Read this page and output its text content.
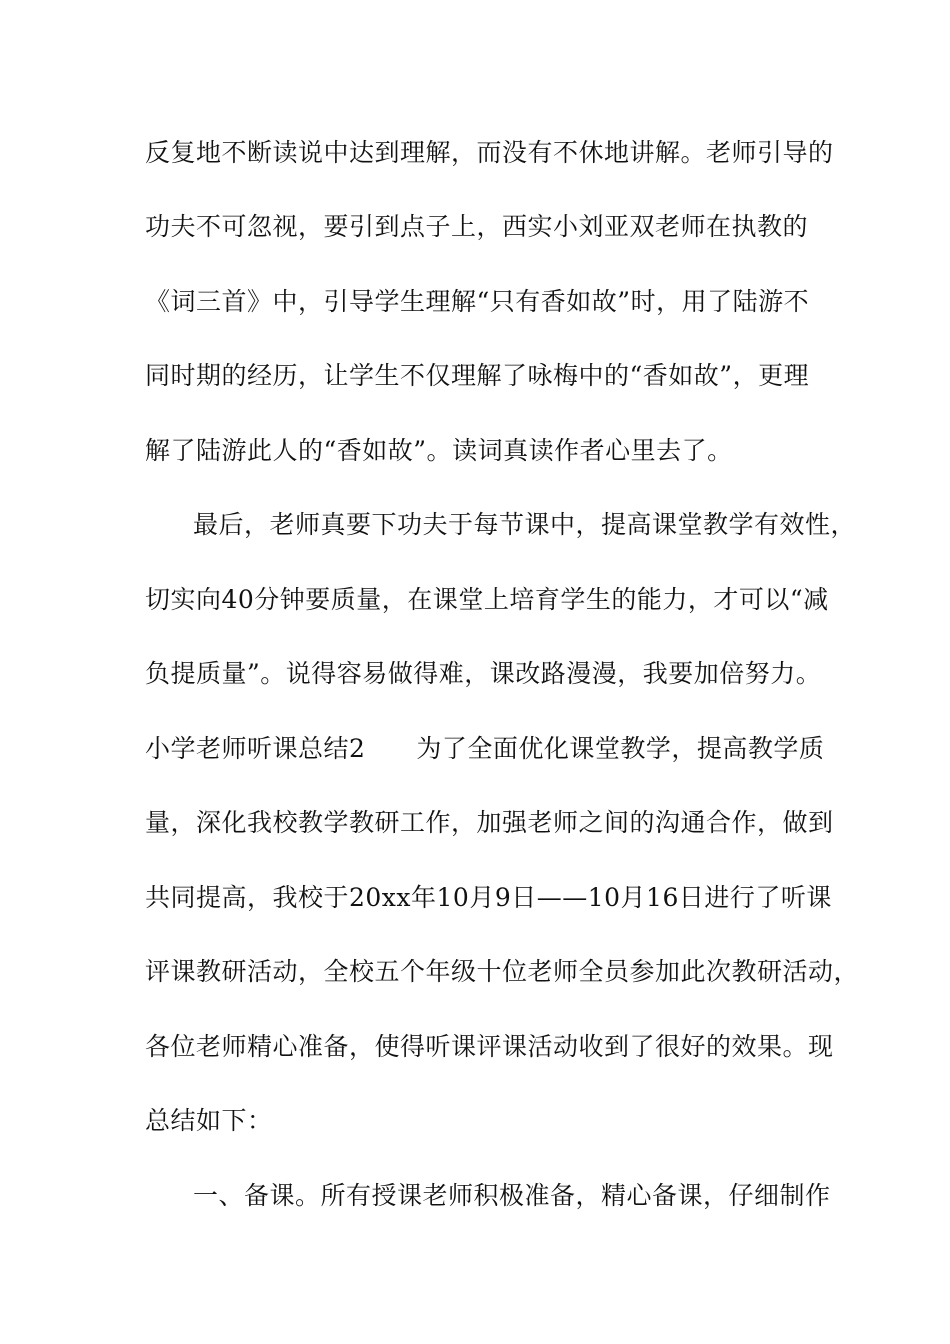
反复地不断读说中达到理解，而没有不休地讲解。老师引导的
功夫不可忽视，要引到点子上，西实小刘亚双老师在执教的
《词三首》中，引导学生理解“只有香如故”时，用了陆游不
同时期的经历，让学生不仅理解了咏梅中的“香如故”，更理
解了陆游此人的“香如故”。读词真读作者心里去了。
最后，老师真要下功夫于每节课中，提高课堂教学有效性，
切实向40分钟要质量，在课堂上培育学生的能力，才可以“减
负提质量”。说得容易做得难，课改路漫漫，我要加倍努力。
小学老师听课总结2　　为了全面优化课堂教学，提高教学质
量，深化我校教学教研工作，加强老师之间的沟通合作，做到
共同提高，我校于20xx年10月9日——10月16日进行了听课
评课教研活动，全校五个年级十位老师全员参加此次教研活动，
各位老师精心准备，使得听课评课活动收到了很好的效果。现
总结如下：
一、备课。所有授课老师积极准备，精心备课，仔细制作
